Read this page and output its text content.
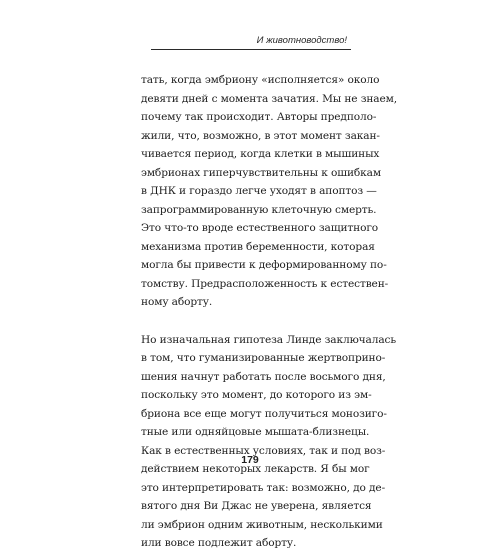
И животноводство!
тать, когда эмбриону «исполняется» около
девяти дней с момента зачатия. Мы не знаем,
почему так происходит. Авторы предполо-
жили, что, возможно, в этот момент закан-
чивается период, когда клетки в мышиных
эмбрионах гиперчувствительны к ошибкам
в ДНК и гораздо легче уходят в апоптоз —
запрограммированную клеточную смерть.
Это что-то вроде естественного защитного
механизма против беременности, которая
могла бы привести к деформированному по-
томству. Предрасположенность к естествен-
ному аборту.
Но изначальная гипотеза Линде заключалась
в том, что гуманизированные жертвоприно-
шения начнут работать после восьмого дня,
поскольку это момент, до которого из эм-
бриона все еще могут получиться монозиго-
тные или одняйцовые мышата-близнецы.
Как в естественных условиях, так и под воз-
действием некоторых лекарств. Я бы мог
это интерпретировать так: возможно, до де-
вятого дня Ви Джас не уверена, является
ли эмбрион одним животным, несколькими
или вовсе подлежит аборту.
179
